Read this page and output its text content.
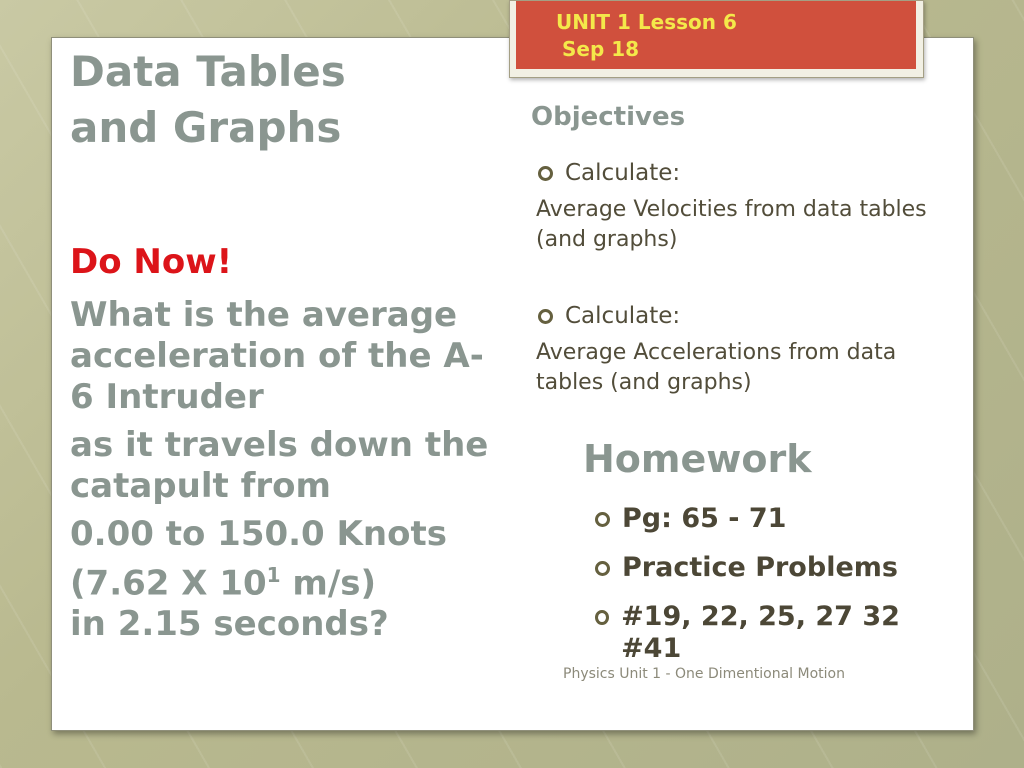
UNIT 1 Lesson 6
Sep 18
Data Tables
and Graphs
Do Now!

What is the average acceleration of the A-6 Intruder

as it travels down the catapult from

0.00 to 150.0 Knots (7.62 X $10^1$ m/s)
in 2.15 seconds?

Objectives
Calculate:
Average Velocities from data tables (and graphs)
Calculate:
Average Accelerations from data tables (and graphs)
Homework
Pg: 65 - 71
Practice Problems
#19, 22, 25, 27 32 #41
Physics Unit 1 - One Dimentional Motion
